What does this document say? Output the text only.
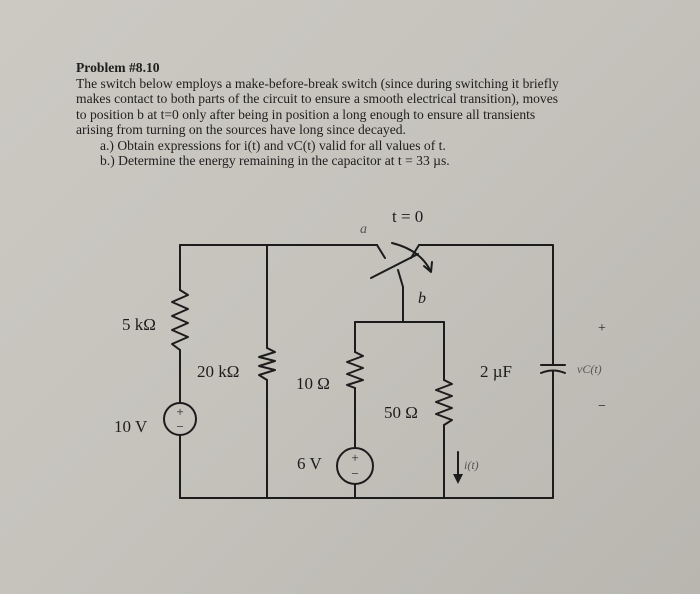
Problem #8.10
The switch below employs a make-before-break switch (since during switching it briefly
makes contact to both parts of the circuit to ensure a smooth electrical transition), moves
to position b at t=0 only after being in position a long enough to ensure all transients
arising from turning on the sources have long since decayed.
a.) Obtain expressions for i(t) and vC(t) valid for all values of t.
b.) Determine the energy remaining in the capacitor at t = 33 µs.
+
−
+
−
t = 0
a
b
5 kΩ
20 kΩ
10 Ω
50 Ω
10 V
6 V
2 µF	vC(t)
+
−
i(t)
